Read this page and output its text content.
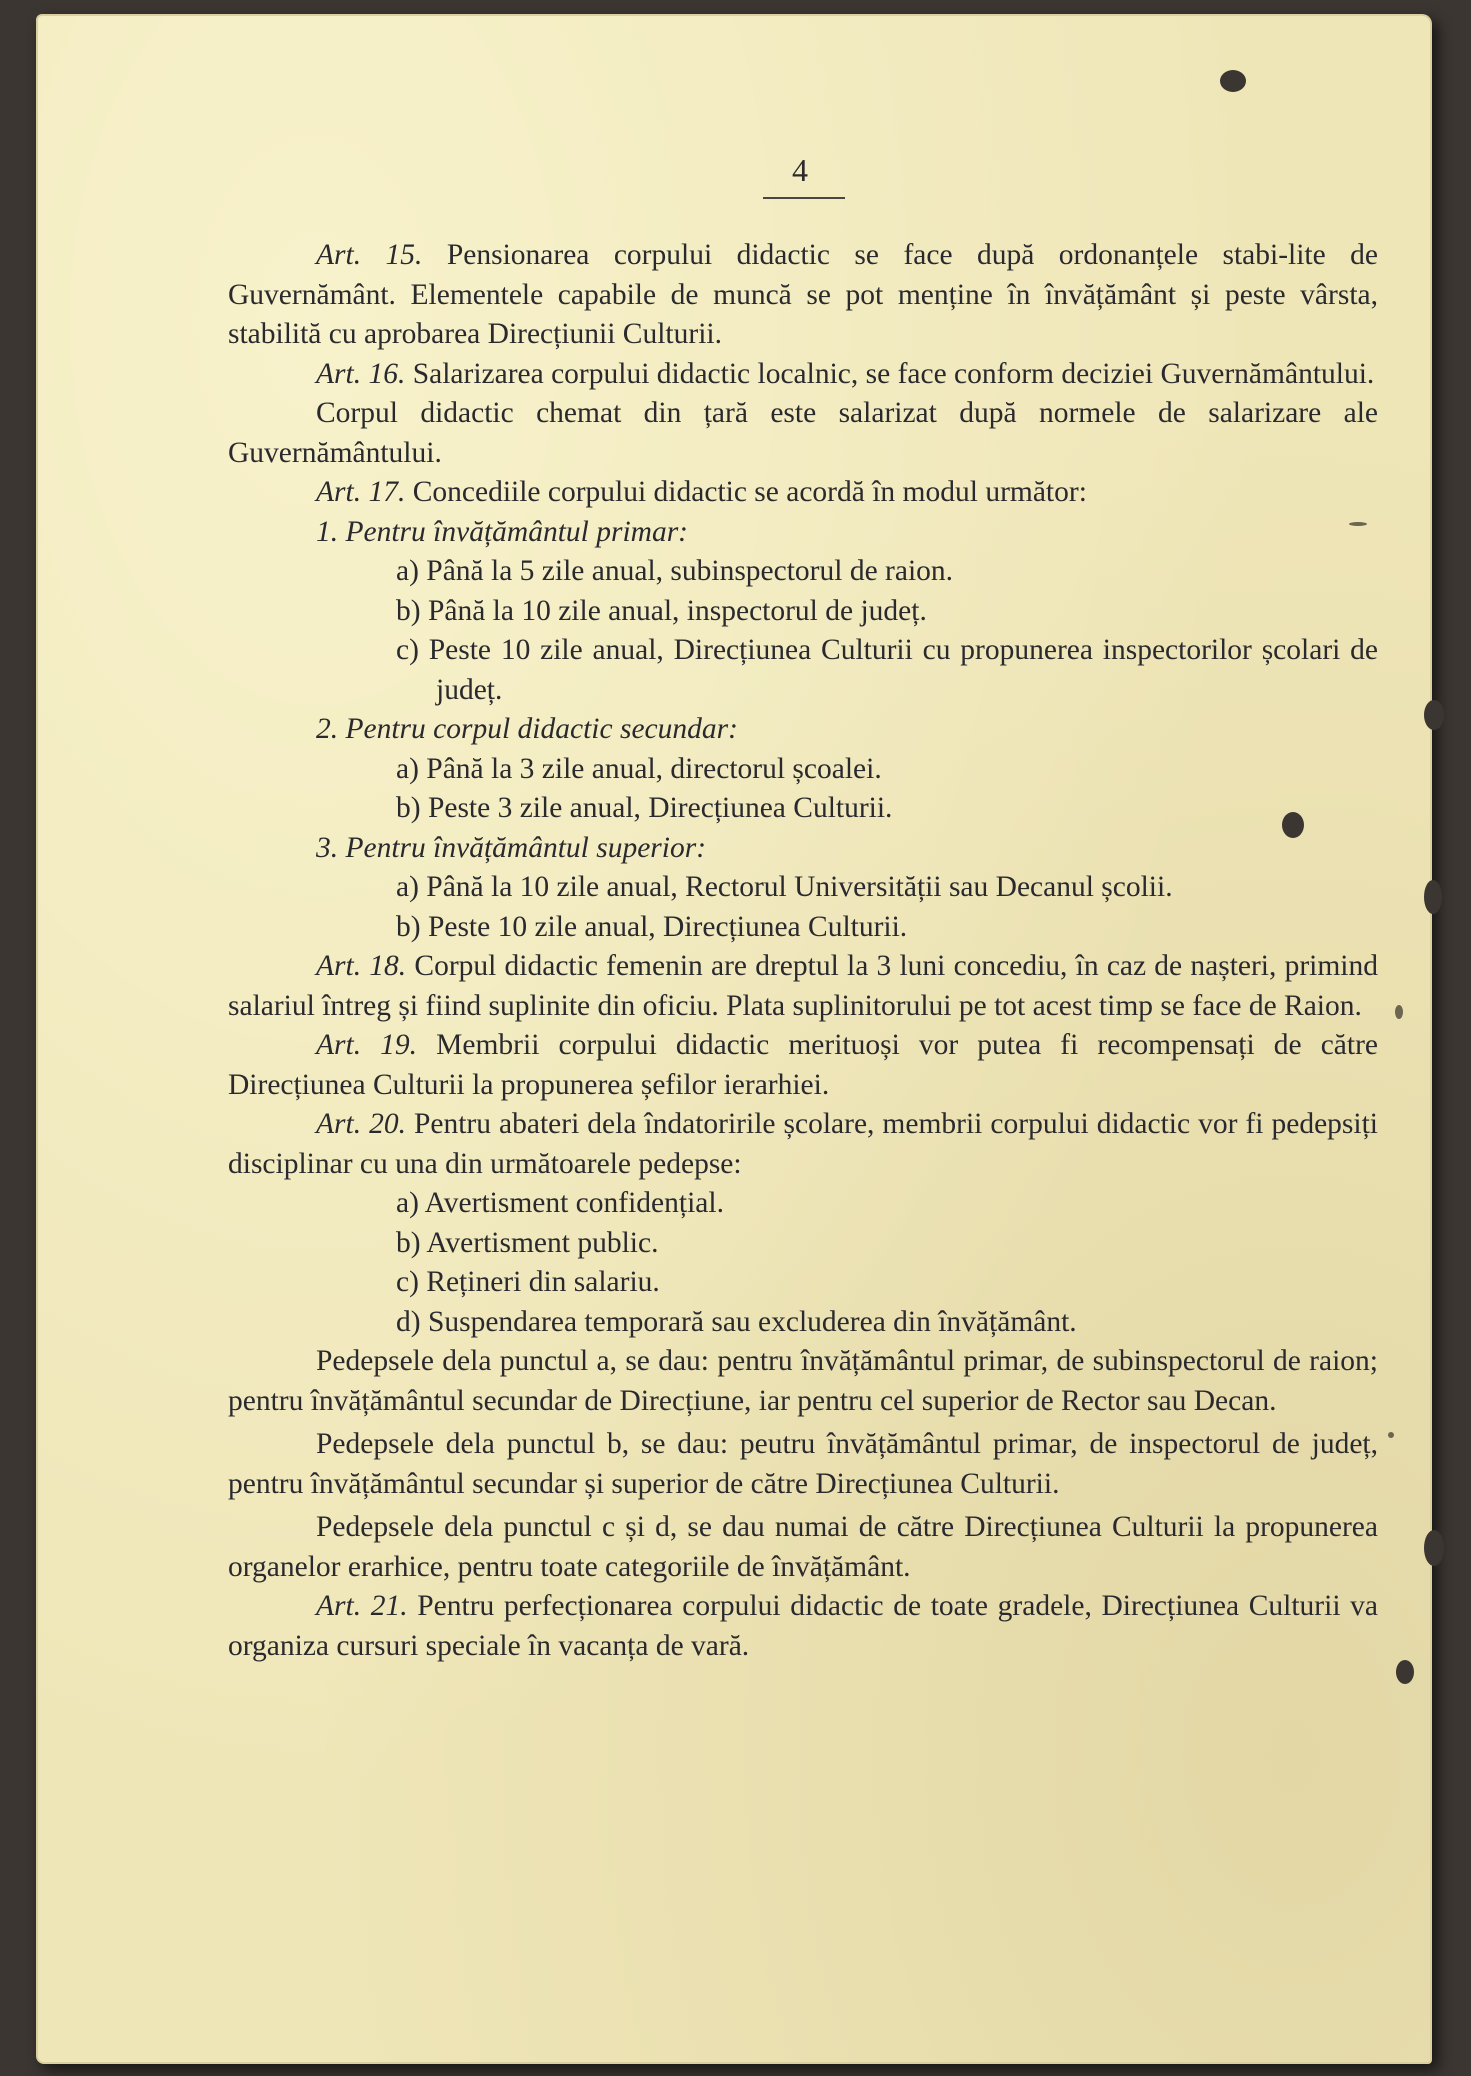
4

Art. 15. Pensionarea corpului didactic se face după ordonanțele stabi-lite de Guvernământ. Elementele capabile de muncă se pot menține în învățământ și peste vârsta, stabilită cu aprobarea Direcțiunii Culturii.

Art. 16. Salarizarea corpului didactic localnic, se face conform deciziei Guvernământului.

Corpul didactic chemat din țară este salarizat după normele de salarizare ale Guvernământului.

Art. 17. Concediile corpului didactic se acordă în modul următor:

1. Pentru învățământul primar:

a) Până la 5 zile anual, subinspectorul de raion.

b) Până la 10 zile anual, inspectorul de județ.

c) Peste 10 zile anual, Direcțiunea Culturii cu propunerea inspectorilor școlari de județ.

2. Pentru corpul didactic secundar:

a) Până la 3 zile anual, directorul școalei.

b) Peste 3 zile anual, Direcțiunea Culturii.

3. Pentru învățământul superior:

a) Până la 10 zile anual, Rectorul Universității sau Decanul școlii.

b) Peste 10 zile anual, Direcțiunea Culturii.

Art. 18. Corpul didactic femenin are dreptul la 3 luni concediu, în caz de nașteri, primind salariul întreg și fiind suplinite din oficiu. Plata suplinitorului pe tot acest timp se face de Raion.

Art. 19. Membrii corpului didactic merituoși vor putea fi recompensați de către Direcțiunea Culturii la propunerea șefilor ierarhiei.

Art. 20. Pentru abateri dela îndatoririle școlare, membrii corpului didactic vor fi pedepsiți disciplinar cu una din următoarele pedepse:

a) Avertisment confidențial.

b) Avertisment public.

c) Rețineri din salariu.

d) Suspendarea temporară sau excluderea din învățământ.

Pedepsele dela punctul a, se dau: pentru învățământul primar, de subinspectorul de raion; pentru învățământul secundar de Direcțiune, iar pentru cel superior de Rector sau Decan.

Pedepsele dela punctul b, se dau: peutru învățământul primar, de inspectorul de județ, pentru învățământul secundar și superior de către Direcțiunea Culturii.

Pedepsele dela punctul c și d, se dau numai de către Direcțiunea Culturii la propunerea organelor erarhice, pentru toate categoriile de învățământ.

Art. 21. Pentru perfecționarea corpului didactic de toate gradele, Direcțiunea Culturii va organiza cursuri speciale în vacanța de vară.
